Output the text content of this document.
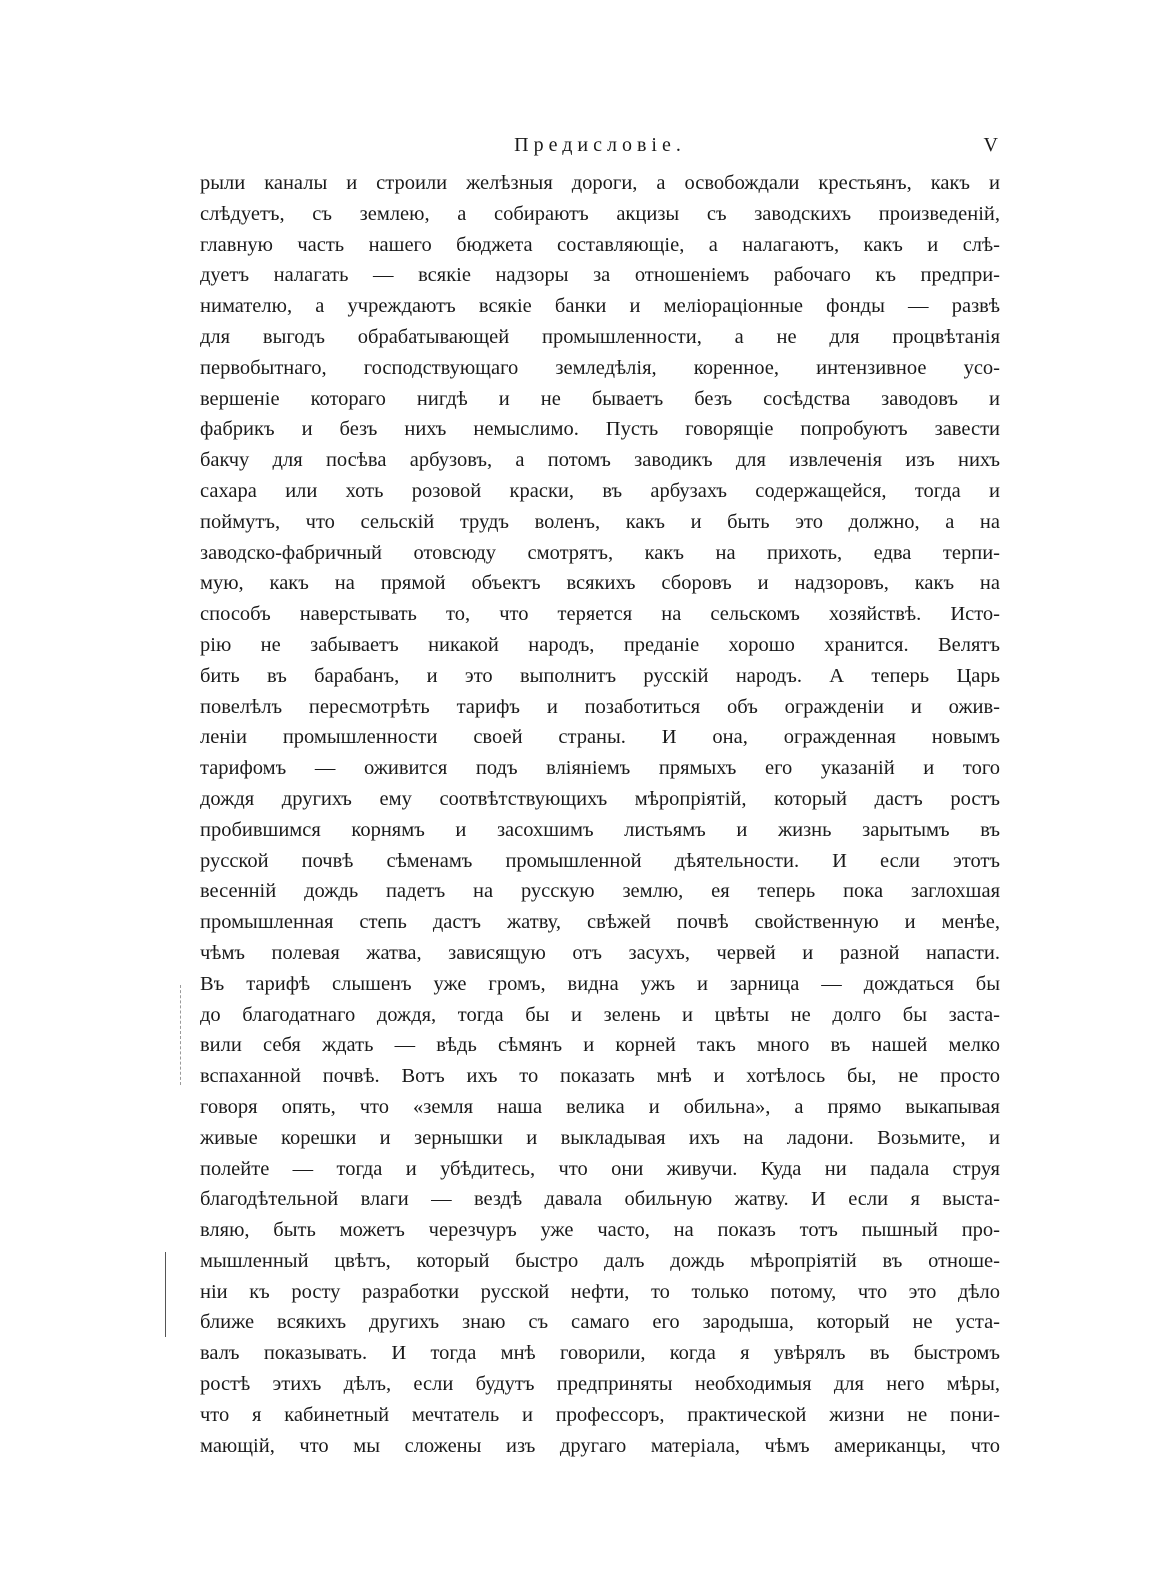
Предисловіе.	V
рыли каналы и строили желѣзныя дороги, а освобождали крестьянъ, какъ и
слѣдуетъ, съ землею, а собираютъ акцизы съ заводскихъ произведеній,
главную часть нашего бюджета составляющіе, а налагаютъ, какъ и слѣ-
дуетъ налагать — всякіе надзоры за отношеніемъ рабочаго къ предпри-
нимателю, а учреждаютъ всякіе банки и меліораціонные фонды — развѣ
для выгодъ обрабатывающей промышленности, а не для процвѣтанія
первобытнаго, господствующаго земледѣлія, коренное, интензивное усо-
вершеніе котораго нигдѣ и не бываетъ безъ сосѣдства заводовъ и
фабрикъ и безъ нихъ немыслимо. Пусть говорящіе попробуютъ завести
бакчу для посѣва арбузовъ, а потомъ заводикъ для извлеченія изъ нихъ
сахара или хоть розовой краски, въ арбузахъ содержащейся, тогда и
поймутъ, что сельскій трудъ воленъ, какъ и быть это должно, а на
заводско-фабричный отовсюду смотрятъ, какъ на прихоть, едва терпи-
мую, какъ на прямой объектъ всякихъ сборовъ и надзоровъ, какъ на
способъ наверстывать то, что теряется на сельскомъ хозяйствѣ. Исто-
рію не забываетъ никакой народъ, преданіе хорошо хранится. Велятъ
бить въ барабанъ, и это выполнитъ русскій народъ. А теперь Царь
повелѣлъ пересмотрѣть тарифъ и позаботиться объ огражденіи и ожив-
леніи промышленности своей страны. И она, огражденная новымъ
тарифомъ — оживится подъ вліяніемъ прямыхъ его указаній и того
дождя другихъ ему соотвѣтствующихъ мѣропріятій, который дастъ ростъ
пробившимся корнямъ и засохшимъ листьямъ и жизнь зарытымъ въ
русской почвѣ сѣменамъ промышленной дѣятельности. И если этотъ
весенній дождь падетъ на русскую землю, ея теперь пока заглохшая
промышленная степь дастъ жатву, свѣжей почвѣ свойственную и менѣе,
чѣмъ полевая жатва, зависящую отъ засухъ, червей и разной напасти.
Въ тарифѣ слышенъ уже громъ, видна ужъ и зарница — дождаться бы
до благодатнаго дождя, тогда бы и зелень и цвѣты не долго бы заста-
вили себя ждать — вѣдь сѣмянъ и корней такъ много въ нашей мелко
вспаханной почвѣ. Вотъ ихъ то показать мнѣ и хотѣлось бы, не просто
говоря опять, что «земля наша велика и обильна», а прямо выкапывая
живые корешки и зернышки и выкладывая ихъ на ладони. Возьмите, и
полейте — тогда и убѣдитесь, что они живучи. Куда ни падала струя
благодѣтельной влаги — вездѣ давала обильную жатву. И если я выста-
вляю, быть можетъ черезчуръ уже часто, на показъ тотъ пышный про-
мышленный цвѣтъ, который быстро далъ дождь мѣропріятій въ отноше-
ніи къ росту разработки русской нефти, то только потому, что это дѣло
ближе всякихъ другихъ знаю съ самаго его зародыша, который не уста-
валъ показывать. И тогда мнѣ говорили, когда я увѣрялъ въ быстромъ
ростѣ этихъ дѣлъ, если будутъ предприняты необходимыя для него мѣры,
что я кабинетный мечтатель и профессоръ, практической жизни не пони-
мающій, что мы сложены изъ другаго матеріала, чѣмъ американцы, что
